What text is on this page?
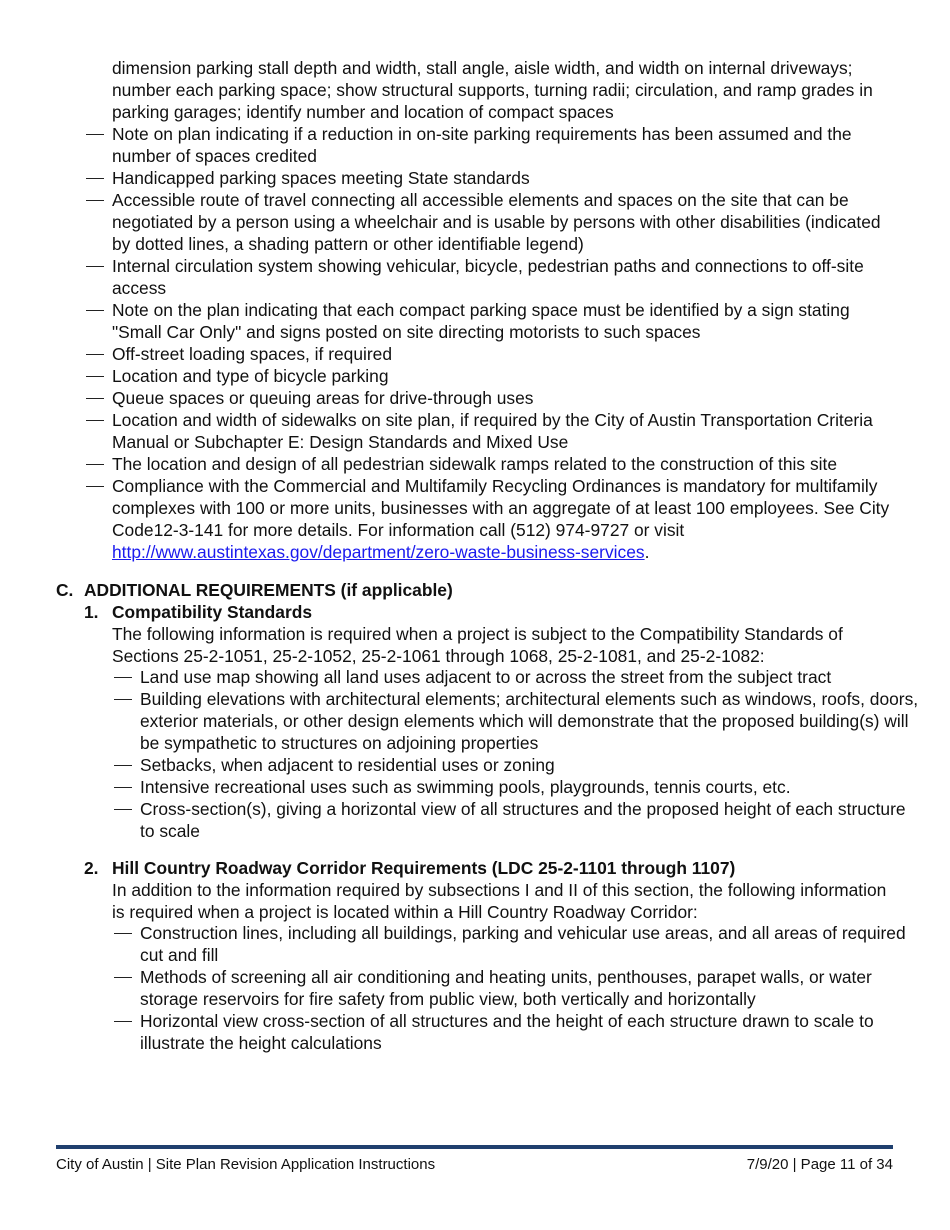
dimension parking stall depth and width, stall angle, aisle width, and width on internal driveways; number each parking space; show structural supports, turning radii; circulation, and ramp grades in parking garages; identify number and location of compact spaces
Note on plan indicating if a reduction in on-site parking requirements has been assumed and the number of spaces credited
Handicapped parking spaces meeting State standards
Accessible route of travel connecting all accessible elements and spaces on the site that can be negotiated by a person using a wheelchair and is usable by persons with other disabilities (indicated by dotted lines, a shading pattern or other identifiable legend)
Internal circulation system showing vehicular, bicycle, pedestrian paths and connections to off-site access
Note on the plan indicating that each compact parking space must be identified by a sign stating "Small Car Only" and signs posted on site directing motorists to such spaces
Off-street loading spaces, if required
Location and type of bicycle parking
Queue spaces or queuing areas for drive-through uses
Location and width of sidewalks on site plan, if required by the City of Austin Transportation Criteria Manual or Subchapter E: Design Standards and Mixed Use
The location and design of all pedestrian sidewalk ramps related to the construction of this site
Compliance with the Commercial and Multifamily Recycling Ordinances is mandatory for multifamily complexes with 100 or more units, businesses with an aggregate of at least 100 employees. See City Code12-3-141 for more details. For information call (512) 974-9727 or visit http://www.austintexas.gov/department/zero-waste-business-services.
C. ADDITIONAL REQUIREMENTS (if applicable)
1. Compatibility Standards
The following information is required when a project is subject to the Compatibility Standards of Sections 25-2-1051, 25-2-1052, 25-2-1061 through 1068, 25-2-1081, and 25-2-1082:
Land use map showing all land uses adjacent to or across the street from the subject tract
Building elevations with architectural elements; architectural elements such as windows, roofs, doors, exterior materials, or other design elements which will demonstrate that the proposed building(s) will be sympathetic to structures on adjoining properties
Setbacks, when adjacent to residential uses or zoning
Intensive recreational uses such as swimming pools, playgrounds, tennis courts, etc.
Cross-section(s), giving a horizontal view of all structures and the proposed height of each structure to scale
2. Hill Country Roadway Corridor Requirements (LDC 25-2-1101 through 1107)
In addition to the information required by subsections I and II of this section, the following information is required when a project is located within a Hill Country Roadway Corridor:
Construction lines, including all buildings, parking and vehicular use areas, and all areas of required cut and fill
Methods of screening all air conditioning and heating units, penthouses, parapet walls, or water storage reservoirs for fire safety from public view, both vertically and horizontally
Horizontal view cross-section of all structures and the height of each structure drawn to scale to illustrate the height calculations
City of Austin | Site Plan Revision Application Instructions	7/9/20 | Page 11 of 34
